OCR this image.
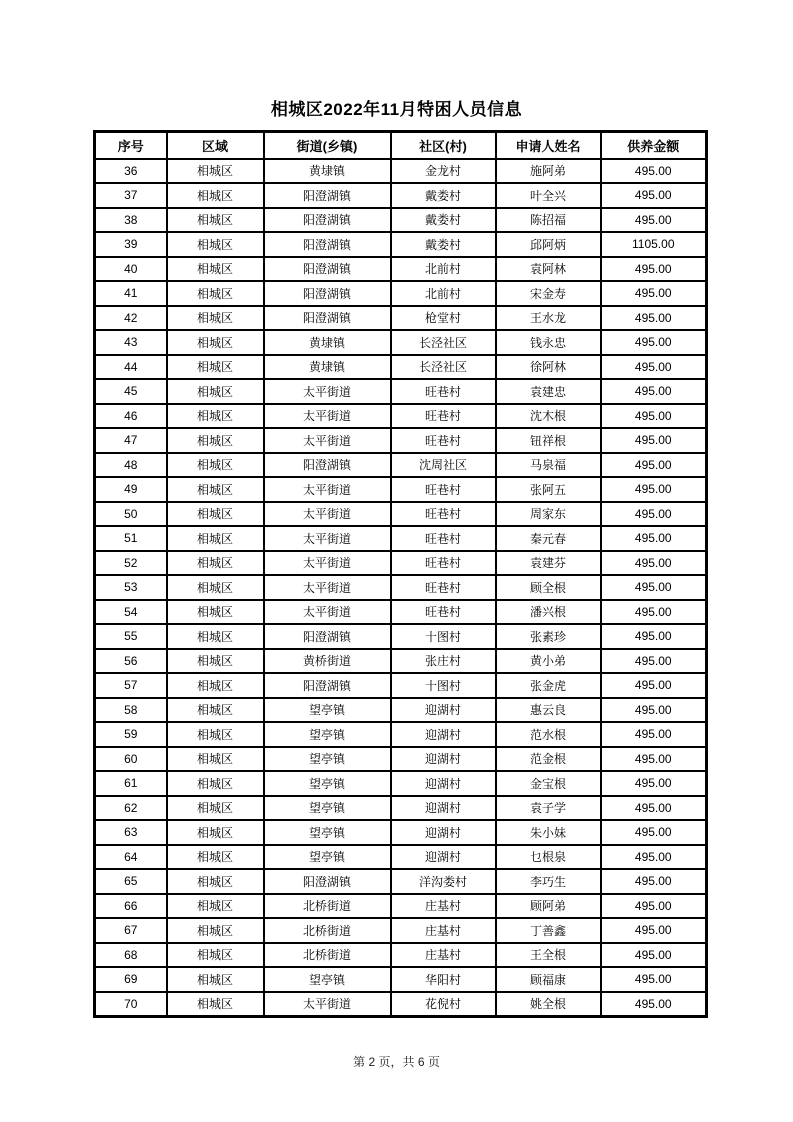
相城区2022年11月特困人员信息
序号	区域	街道(乡镇)	社区(村)	申请人姓名	供养金额
36	相城区	黄埭镇	金龙村	施阿弟	495.00
37	相城区	阳澄湖镇	戴娄村	叶全兴	495.00
38	相城区	阳澄湖镇	戴娄村	陈招福	495.00
39	相城区	阳澄湖镇	戴娄村	邱阿炳	1105.00
40	相城区	阳澄湖镇	北前村	袁阿林	495.00
41	相城区	阳澄湖镇	北前村	宋金寿	495.00
42	相城区	阳澄湖镇	枪堂村	王水龙	495.00
43	相城区	黄埭镇	长泾社区	钱永忠	495.00
44	相城区	黄埭镇	长泾社区	徐阿林	495.00
45	相城区	太平街道	旺巷村	袁建忠	495.00
46	相城区	太平街道	旺巷村	沈木根	495.00
47	相城区	太平街道	旺巷村	钮祥根	495.00
48	相城区	阳澄湖镇	沈周社区	马泉福	495.00
49	相城区	太平街道	旺巷村	张阿五	495.00
50	相城区	太平街道	旺巷村	周家东	495.00
51	相城区	太平街道	旺巷村	秦元春	495.00
52	相城区	太平街道	旺巷村	袁建芬	495.00
53	相城区	太平街道	旺巷村	顾全根	495.00
54	相城区	太平街道	旺巷村	潘兴根	495.00
55	相城区	阳澄湖镇	十图村	张素珍	495.00
56	相城区	黄桥街道	张庄村	黄小弟	495.00
57	相城区	阳澄湖镇	十图村	张金虎	495.00
58	相城区	望亭镇	迎湖村	惠云良	495.00
59	相城区	望亭镇	迎湖村	范水根	495.00
60	相城区	望亭镇	迎湖村	范金根	495.00
61	相城区	望亭镇	迎湖村	金宝根	495.00
62	相城区	望亭镇	迎湖村	袁子学	495.00
63	相城区	望亭镇	迎湖村	朱小妹	495.00
64	相城区	望亭镇	迎湖村	乜根泉	495.00
65	相城区	阳澄湖镇	洋沟娄村	李巧生	495.00
66	相城区	北桥街道	庄基村	顾阿弟	495.00
67	相城区	北桥街道	庄基村	丁善鑫	495.00
68	相城区	北桥街道	庄基村	王全根	495.00
69	相城区	望亭镇	华阳村	顾福康	495.00
70	相城区	太平街道	花倪村	姚全根	495.00
第 2 页，共 6 页
